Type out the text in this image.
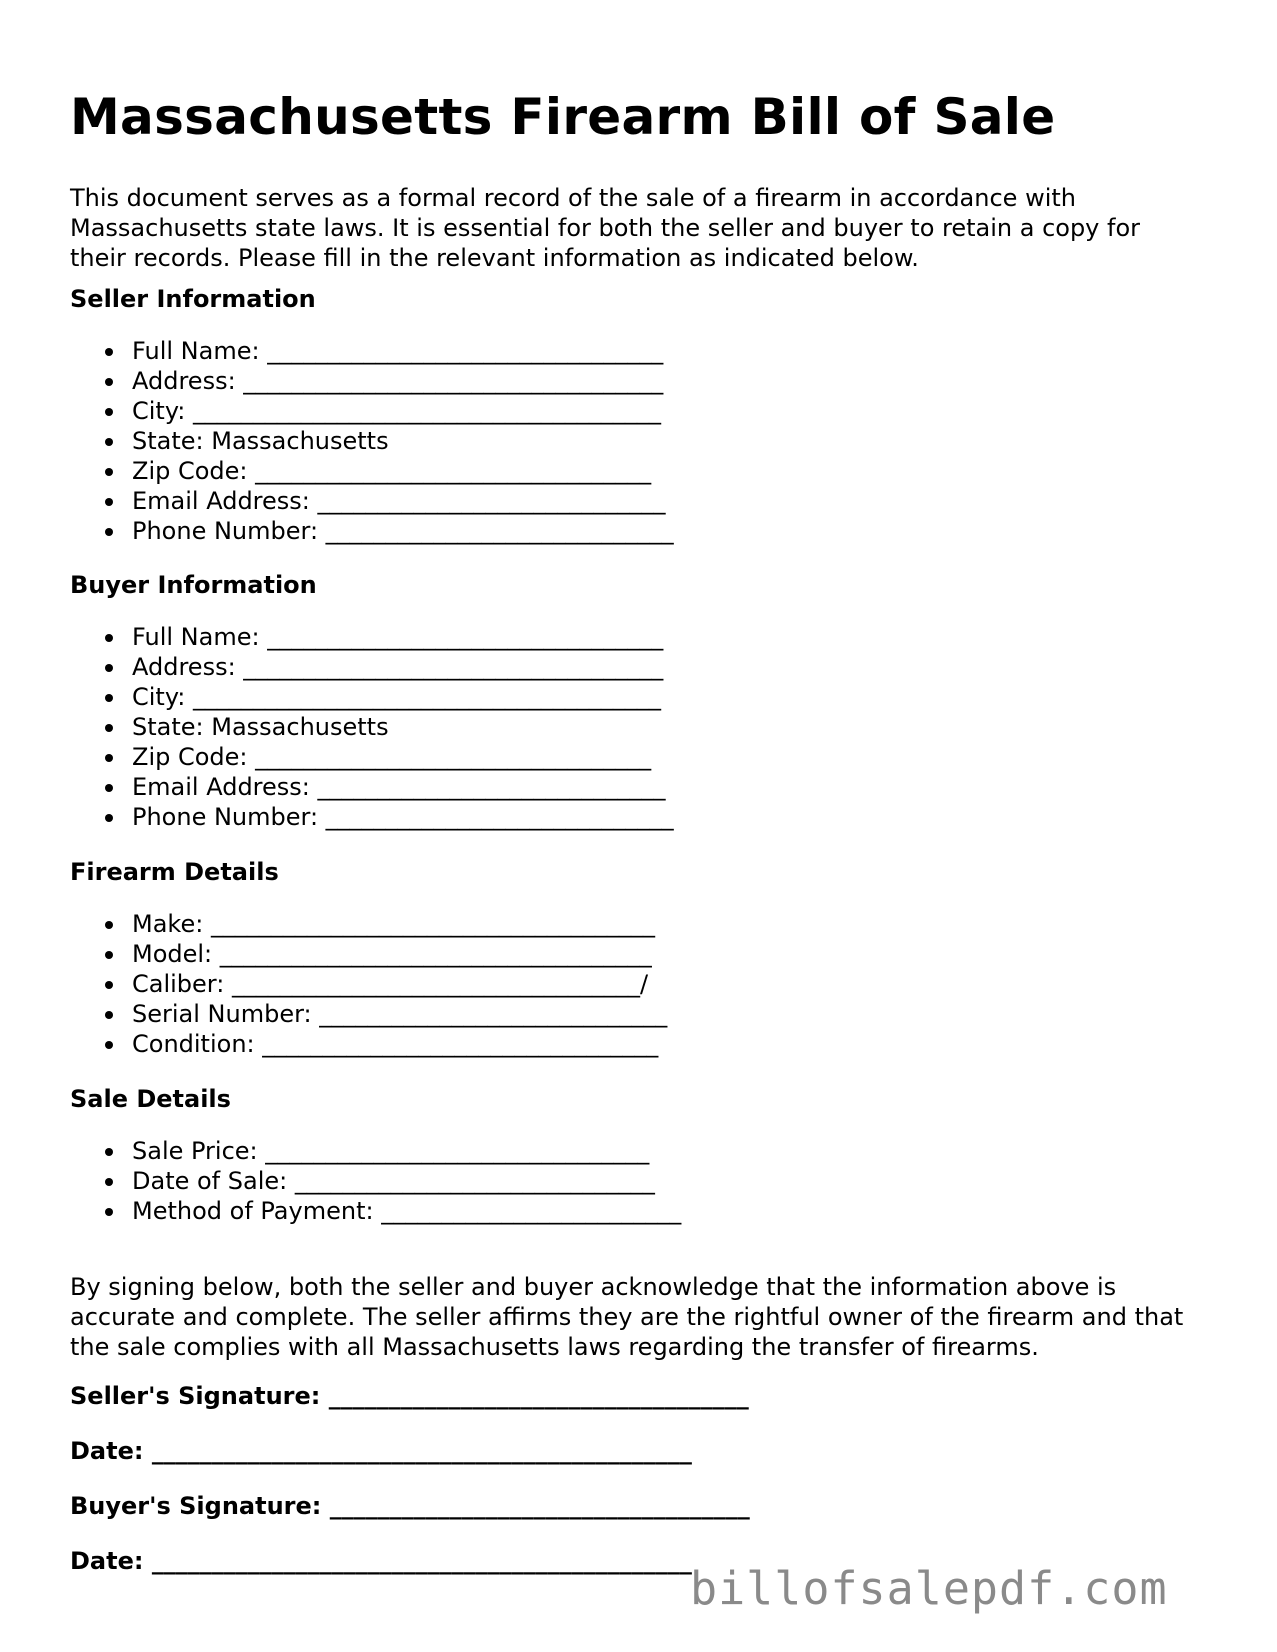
Massachusetts Firearm Bill of Sale

This document serves as a formal record of the sale of a firearm in accordance with Massachusetts state laws. It is essential for both the seller and buyer to retain a copy for their records. Please fill in the relevant information as indicated below.

Seller Information
Full Name: _________________________________
Address: ___________________________________
City: _______________________________________
State: Massachusetts
Zip Code: _________________________________
Email Address: _____________________________
Phone Number: _____________________________
Buyer Information
Full Name: _________________________________
Address: ___________________________________
City: _______________________________________
State: Massachusetts
Zip Code: _________________________________
Email Address: _____________________________
Phone Number: _____________________________
Firearm Details
Make: _____________________________________
Model: ____________________________________
Caliber: __________________________________/
Serial Number: _____________________________
Condition: _________________________________
Sale Details
Sale Price: ________________________________
Date of Sale: ______________________________
Method of Payment: _________________________

By signing below, both the seller and buyer acknowledge that the information above is accurate and complete. The seller affirms they are the rightful owner of the firearm and that the sale complies with all Massachusetts laws regarding the transfer of firearms.

Seller's Signature: ___________________________________

Date: _____________________________________________

Buyer's Signature: ___________________________________

Date: _____________________________________________

billofsalepdf.com
